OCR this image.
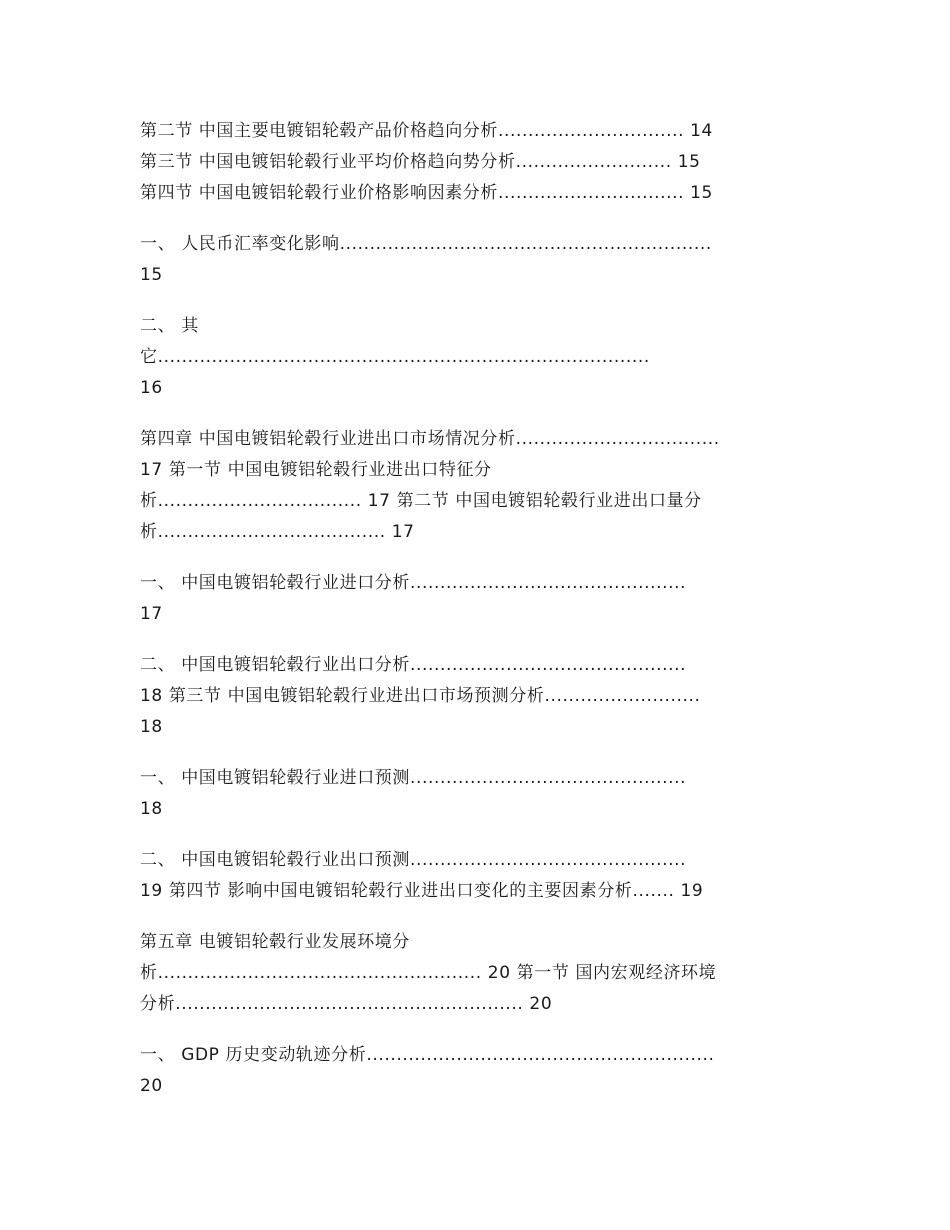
第二节 中国主要电镀铝轮毂产品价格趋向分析............................... 14
第三节 中国电镀铝轮毂行业平均价格趋向势分析.......................... 15
第四节 中国电镀铝轮毂行业价格影响因素分析............................... 15
一、 人民币汇率变化影响..............................................................
15
二、 其
它..................................................................................
16
第四章 中国电镀铝轮毂行业进出口市场情况分析..................................
17 第一节 中国电镀铝轮毂行业进出口特征分
析.................................. 17 第二节 中国电镀铝轮毂行业进出口量分
析...................................... 17
一、 中国电镀铝轮毂行业进口分析..............................................
17
二、 中国电镀铝轮毂行业出口分析..............................................
18 第三节 中国电镀铝轮毂行业进出口市场预测分析..........................
18
一、 中国电镀铝轮毂行业进口预测..............................................
18
二、 中国电镀铝轮毂行业出口预测..............................................
19 第四节 影响中国电镀铝轮毂行业进出口变化的主要因素分析....... 19
第五章 电镀铝轮毂行业发展环境分
析...................................................... 20 第一节 国内宏观经济环境
分析.......................................................... 20
一、 GDP 历史变动轨迹分析..........................................................
20
